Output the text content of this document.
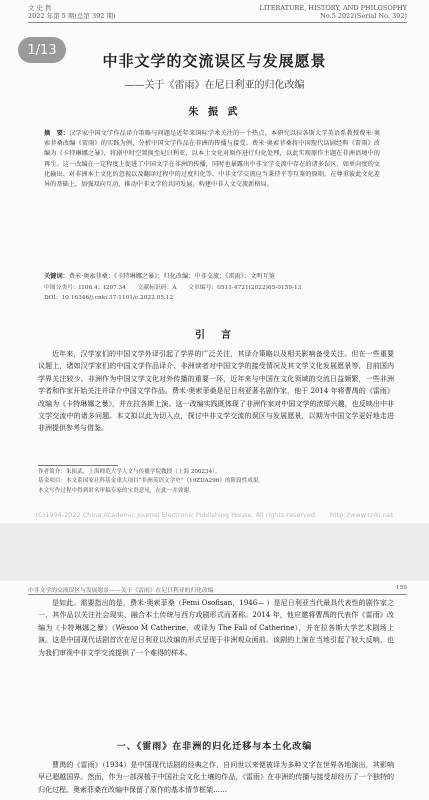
文 史 哲
2022 年第 5 期(总第 392 期)
LITERATURE, HISTORY, AND PHILOSOPHY
No.5 2022(Serial No. 392)
中非文学的交流误区与发展愿景
——关于《雷雨》在尼日利亚的归化改编
朱 振 武
摘　要：汉学家中国文学作品译介策略与问题是近年来国际学术关注的一个热点。本研究以拉各斯大学英语系教授费米·奥索菲桑改编《雷雨》的实践为例，分析中国文学作品在非洲的传播与接受。费米·奥索菲桑将中国现代话剧经典《雷雨》改编为《卡特琳娜之暴》，将剧中时空置换至尼日利亚，以本土文化对原作进行归化处理，以此实现原作主题在非洲语境中的再生。这一改编在一定程度上促进了中国文学在非洲的传播，同时也暴露出中非文学交流中存在的诸多误区，如单向度的文化输出、对非洲本土文化的忽视以及翻译过程中的过度归化等。中非文学交流应当秉持平等互鉴的原则，在尊重彼此文化差异的基础上，加强双向互动，推动中非文学的共同发展，构建中非人文交流新格局。
关键词：费米·奥索菲桑；《卡特琳娜之暴》；归化改编；中非交流；《雷雨》；文明互鉴
中图分类号：I106.4；I207.34　　文献标识码：A　　文章编号：0511-4721(2022)05-0159-13
DOI：10.16346/j.cnki.37-1101/c.2022.05.12
引　言
近年来，汉学家们的中国文学外译引起了学界的广泛关注，其译介策略以及相关影响备受关注。但在一些重要议题上，诸如汉学家们的中国文学作品译介、非洲读者对中国文学的接受情况及其文学文化发展愿景等，目前国内学界关注较少。非洲作为中国文学文化对外传播的重要一环，近年来与中国在文化领域的交流日益频繁，一些非洲学者和作家开始关注并译介中国文学作品。费米·奥索菲桑是尼日利亚著名剧作家，他于 2014 年将曹禺的《雷雨》改编为《卡特琳娜之暴》，并在拉各斯上演。这一改编实践既体现了非洲作家对中国文学的浓厚兴趣，也反映出中非文学交流中的诸多问题。本文拟以此为切入点，探讨中非文学交流的误区与发展愿景，以期为中国文学更好地走进非洲提供参考与借鉴。
作者简介：朱振武，上海师范大学人文与传播学院教授（上海 200234）。
基金项目：本文系国家社科基金重大项目“非洲英语文学史”（19ZDA296）的阶段性成果。
本文写作过程中得到匿名审稿专家的宝贵意见，在此一并致谢。
(C)1994-2022 China Academic Journal Electronic Publishing House. All rights reserved.　　http://www.cnki.net
1/13
中非文学的交流误区与发展愿景——关于《雷雨》在尼日利亚的归化改编	159
是如此。需要指出的是，费米·奥索菲桑（Femi Osofisan，1946— ）是尼日利亚当代最具代表性的剧作家之一，其作品以关注社会现实、融合本土传统与西方戏剧形式而著称。2014 年，他应邀将曹禺的代表作《雷雨》改编为《卡特琳娜之暴》（Wèsoo Ḿ Catherine，或译为 The Fall of Catherine），并在拉各斯大学艺术剧场上演。这是中国现代话剧首次在尼日利亚以改编的形式呈现于非洲观众面前。该剧的上演在当地引起了较大反响，也为我们审视中非文学交流提供了一个难得的样本。
一、《雷雨》在非洲的归化迁移与本土化改编
曹禺的《雷雨》（1934）是中国现代话剧的经典之作，自问世以来便被译为多种文字在世界各地演出，其影响早已超越国界。然而，作为一部深植于中国社会文化土壤的作品，《雷雨》在非洲的传播与接受却经历了一个独特的归化过程。奥索菲桑在改编中保留了原作的基本情节框架……
